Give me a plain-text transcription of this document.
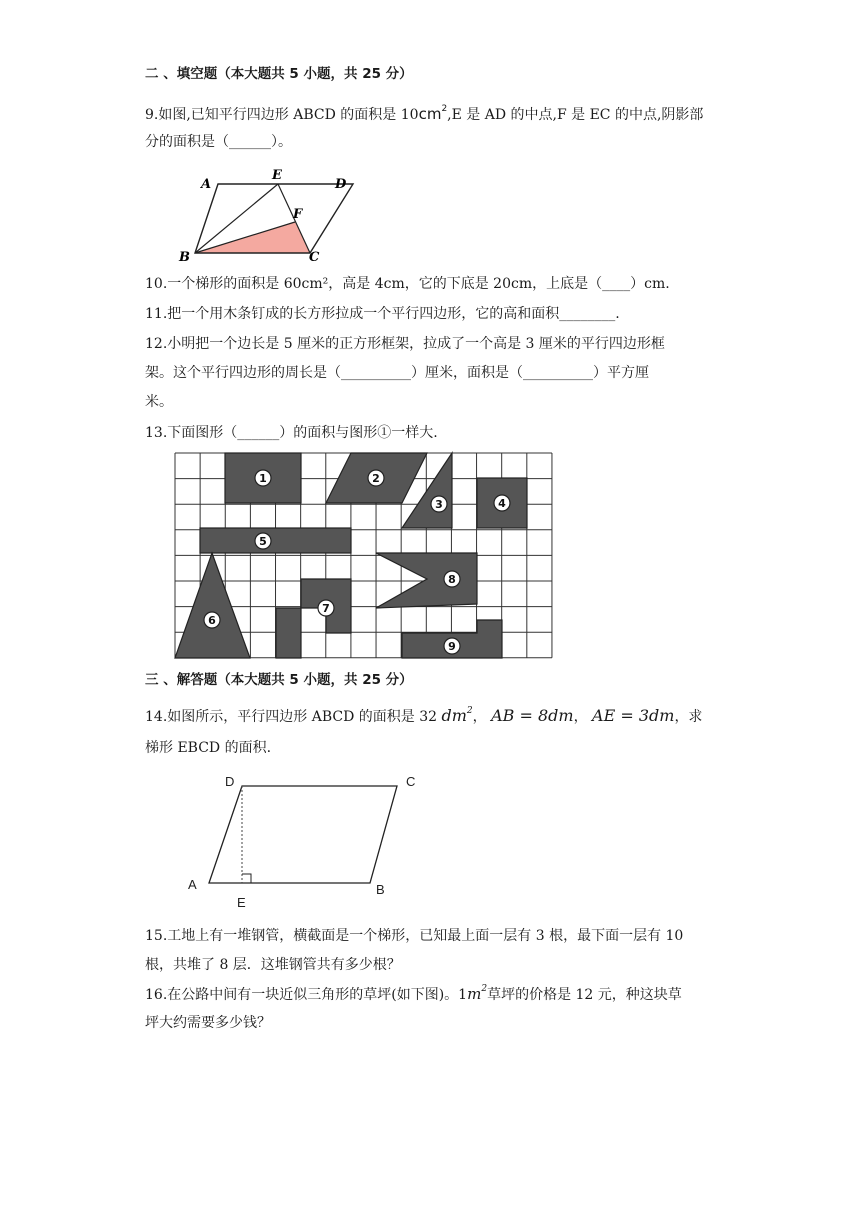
二 、填空题（本大题共 5 小题，共 25 分）
9.如图,已知平行四边形 ABCD 的面积是 $10cm^2,E$ 是 AD 的中点,F 是 EC 的中点,阴影部
分的面积是（______）。
A
E
D
F
B	C
10.一个梯形的面积是 60cm²，高是 4cm，它的下底是 20cm，上底是（____）cm.
11.把一个用木条钉成的长方形拉成一个平行四边形，它的高和面积________.
12.小明把一个边长是 5 厘米的正方形框架，拉成了一个高是 3 厘米的平行四边形框
架。这个平行四边形的周长是（__________）厘米，面积是（__________）平方厘
米。
13.下面图形（______）的面积与图形①一样大.
1	2
3	4
5
6
7
8
9
三 、解答题（本大题共 5 小题，共 25 分）
14.如图所示，平行四边形 ABCD 的面积是 32 $dm^2$， AB = 8dm， AE = 3dm，求
梯形 EBCD 的面积.
D	C
A	B
E
15.工地上有一堆钢管，横截面是一个梯形，已知最上面一层有 3 根，最下面一层有 10
根，共堆了 8 层．这堆钢管共有多少根？
16.在公路中间有一块近似三角形的草坪(如下图)。$1m^2$草坪的价格是 12 元，种这块草
坪大约需要多少钱？
